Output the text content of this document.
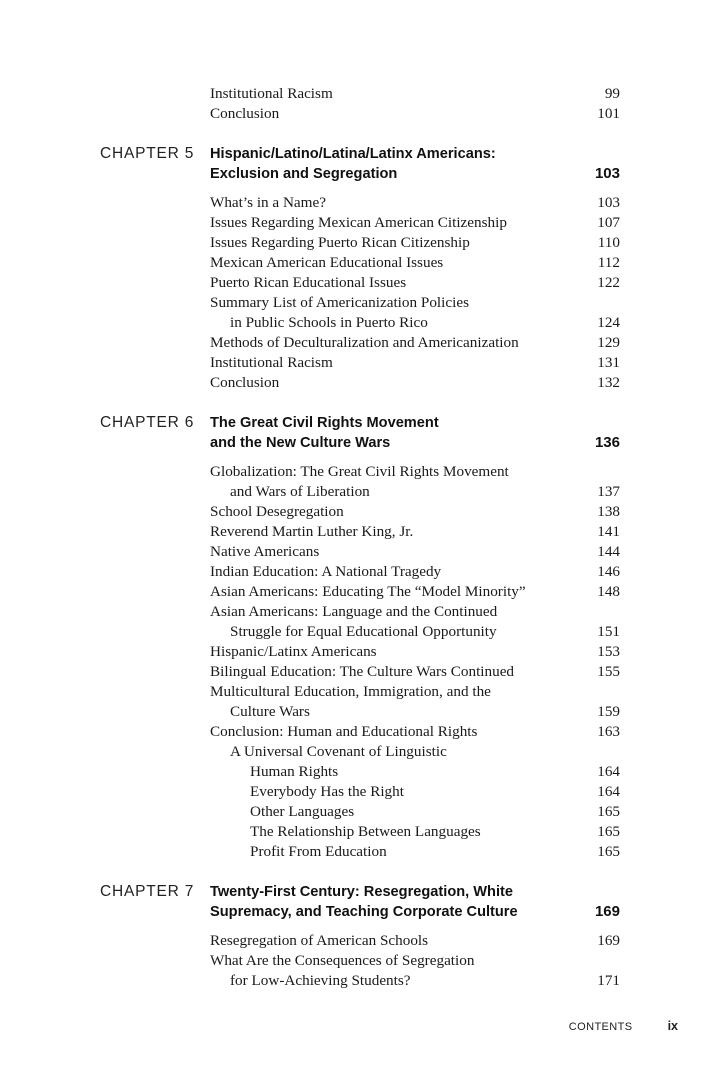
Institutional Racism	99
Conclusion	101
CHAPTER 5 Hispanic/Latino/Latina/Latinx Americans:
Exclusion and Segregation	103
What’s in a Name?	103
Issues Regarding Mexican American Citizenship	107
Issues Regarding Puerto Rican Citizenship	110
Mexican American Educational Issues	112
Puerto Rican Educational Issues	122
Summary List of Americanization Policies
in Public Schools in Puerto Rico	124
Methods of Deculturalization and Americanization	129
Institutional Racism	131
Conclusion	132
CHAPTER 6 The Great Civil Rights Movement
and the New Culture Wars	136
Globalization: The Great Civil Rights Movement
and Wars of Liberation	137
School Desegregation	138
Reverend Martin Luther King, Jr.	141
Native Americans	144
Indian Education: A National Tragedy	146
Asian Americans: Educating The “Model Minority”	148
Asian Americans: Language and the Continued
Struggle for Equal Educational Opportunity	151
Hispanic/Latinx Americans	153
Bilingual Education: The Culture Wars Continued	155
Multicultural Education, Immigration, and the
Culture Wars	159
Conclusion: Human and Educational Rights	163
A Universal Covenant of Linguistic
Human Rights	164
Everybody Has the Right	164
Other Languages	165
The Relationship Between Languages	165
Profit From Education	165
CHAPTER 7 Twenty-First Century: Resegregation, White
Supremacy, and Teaching Corporate Culture	169
Resegregation of American Schools	169
What Are the Consequences of Segregation
for Low-Achieving Students?	171
CONTENTS	ix
